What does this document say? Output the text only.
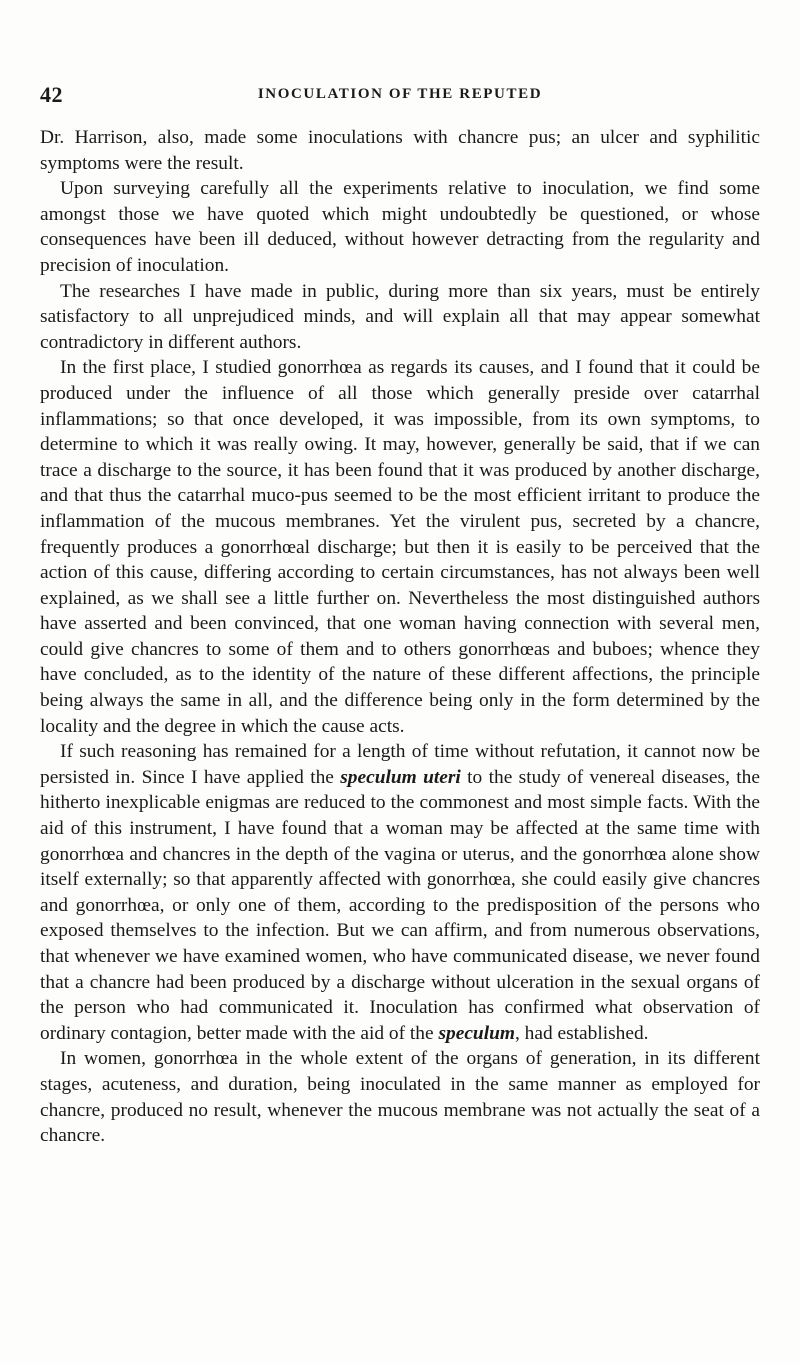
42	INOCULATION OF THE REPUTED

Dr. Harrison, also, made some inoculations with chancre pus; an ulcer and syphilitic symptoms were the result.

Upon surveying carefully all the experiments relative to inoculation, we find some amongst those we have quoted which might undoubtedly be questioned, or whose consequences have been ill deduced, without however detracting from the regularity and precision of inoculation.

The researches I have made in public, during more than six years, must be entirely satisfactory to all unprejudiced minds, and will explain all that may appear somewhat contradictory in different authors.

In the first place, I studied gonorrhœa as regards its causes, and I found that it could be produced under the influence of all those which generally preside over catarrhal inflammations; so that once developed, it was impossible, from its own symptoms, to determine to which it was really owing. It may, however, generally be said, that if we can trace a discharge to the source, it has been found that it was produced by another discharge, and that thus the catarrhal muco-pus seemed to be the most efficient irritant to produce the inflammation of the mucous membranes. Yet the virulent pus, secreted by a chancre, frequently produces a gonorrhœal discharge; but then it is easily to be perceived that the action of this cause, differing according to certain circumstances, has not always been well explained, as we shall see a little further on. Nevertheless the most distinguished authors have asserted and been convinced, that one woman having connection with several men, could give chancres to some of them and to others gonorrhœas and buboes; whence they have concluded, as to the identity of the nature of these different affections, the principle being always the same in all, and the difference being only in the form determined by the locality and the degree in which the cause acts.

If such reasoning has remained for a length of time without refutation, it cannot now be persisted in. Since I have applied the speculum uteri to the study of venereal diseases, the hitherto inexplicable enigmas are reduced to the commonest and most simple facts. With the aid of this instrument, I have found that a woman may be affected at the same time with gonorrhœa and chancres in the depth of the vagina or uterus, and the gonorrhœa alone show itself externally; so that apparently affected with gonorrhœa, she could easily give chancres and gonorrhœa, or only one of them, according to the predisposition of the persons who exposed themselves to the infection. But we can affirm, and from numerous observations, that whenever we have examined women, who have communicated disease, we never found that a chancre had been produced by a discharge without ulceration in the sexual organs of the person who had communicated it. Inoculation has confirmed what observation of ordinary contagion, better made with the aid of the speculum, had established.

In women, gonorrhœa in the whole extent of the organs of generation, in its different stages, acuteness, and duration, being inoculated in the same manner as employed for chancre, produced no result, whenever the mucous membrane was not actually the seat of a chancre.
